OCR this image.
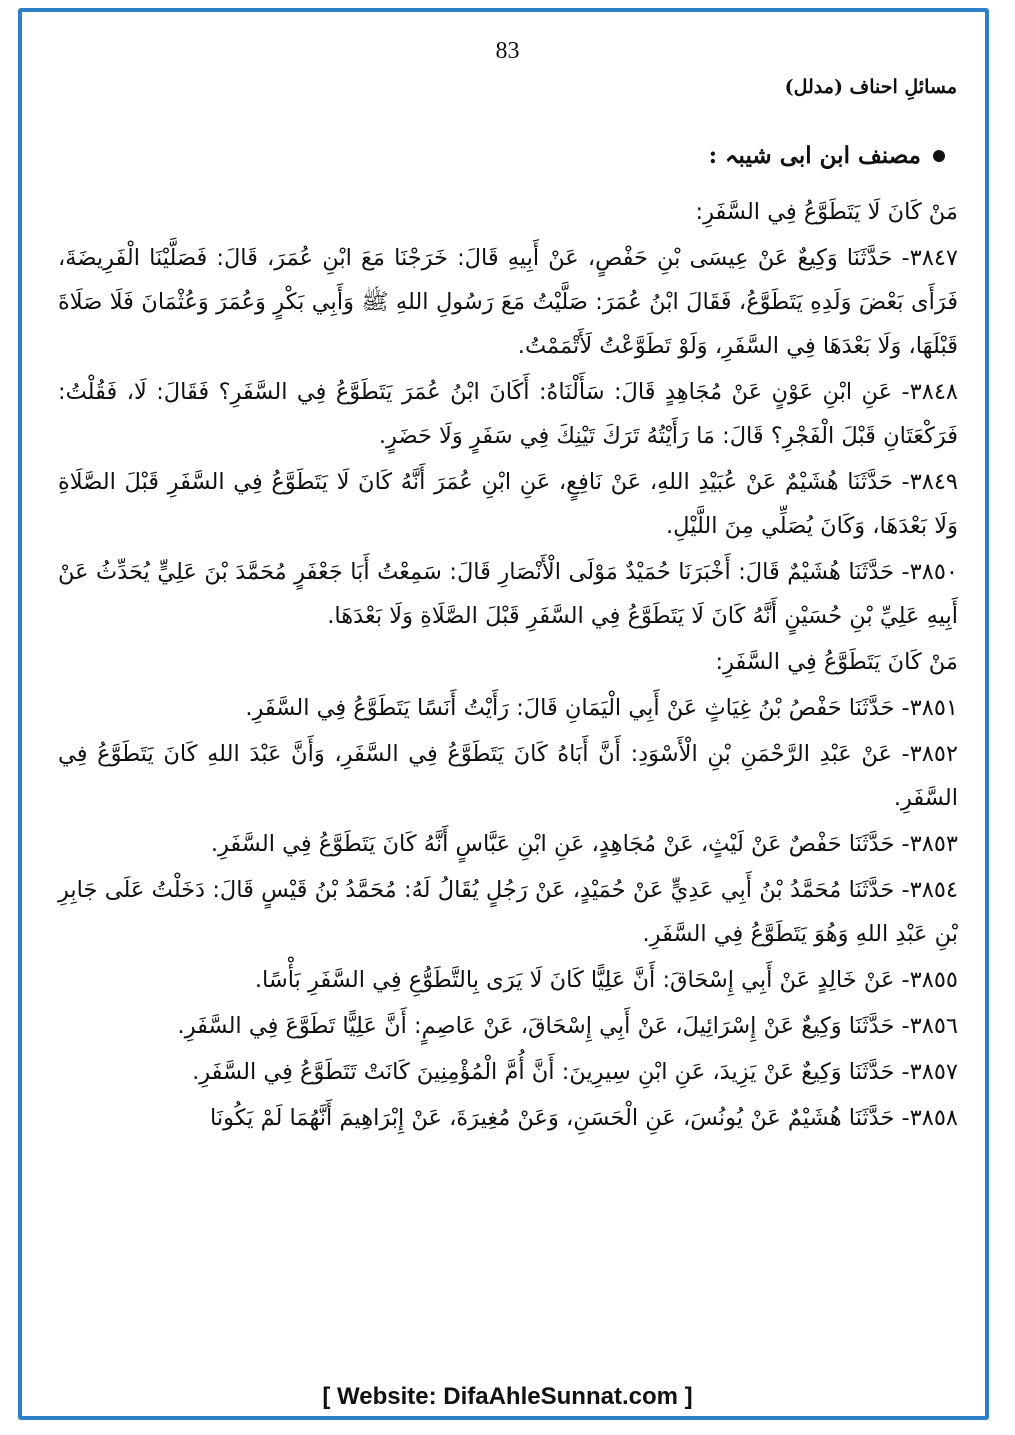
83
مسائلِ احناف (مدلل)
مصنف ابن ابی شیبہ :

مَنْ كَانَ لَا يَتَطَوَّعُ فِي السَّفَرِ:

٣٨٤٧- حَدَّثَنَا وَكِيعٌ عَنْ عِيسَى بْنِ حَفْصٍ، عَنْ أَبِيهِ قَالَ: خَرَجْنَا مَعَ ابْنِ عُمَرَ، قَالَ: فَصَلَّيْنَا الْفَرِيضَةَ، فَرَأَى بَعْضَ وَلَدِهِ يَتَطَوَّعُ، فَقَالَ ابْنُ عُمَرَ: صَلَّيْتُ مَعَ رَسُولِ اللهِ ﷺ وَأَبِي بَكْرٍ وَعُمَرَ وَعُثْمَانَ فَلَا صَلَاةَ قَبْلَهَا، وَلَا بَعْدَهَا فِي السَّفَرِ، وَلَوْ تَطَوَّعْتُ لَأَتْمَمْتُ.

٣٨٤٨- عَنِ ابْنِ عَوْنٍ عَنْ مُجَاهِدٍ قَالَ: سَأَلْنَاهُ: أَكَانَ ابْنُ عُمَرَ يَتَطَوَّعُ فِي السَّفَرِ؟ فَقَالَ: لَا، فَقُلْتُ: فَرَكْعَتَانِ قَبْلَ الْفَجْرِ؟ قَالَ: مَا رَأَيْتُهُ تَرَكَ تَيْنِكَ فِي سَفَرٍ وَلَا حَضَرٍ.

٣٨٤٩- حَدَّثَنَا هُشَيْمٌ عَنْ عُبَيْدِ اللهِ، عَنْ نَافِعٍ، عَنِ ابْنِ عُمَرَ أَنَّهُ كَانَ لَا يَتَطَوَّعُ فِي السَّفَرِ قَبْلَ الصَّلَاةِ وَلَا بَعْدَهَا، وَكَانَ يُصَلِّي مِنَ اللَّيْلِ.

٣٨٥٠- حَدَّثَنَا هُشَيْمٌ قَالَ: أَخْبَرَنَا حُمَيْدٌ مَوْلَى الْأَنْصَارِ قَالَ: سَمِعْتُ أَبَا جَعْفَرٍ مُحَمَّدَ بْنَ عَلِيٍّ يُحَدِّثُ عَنْ أَبِيهِ عَلِيِّ بْنِ حُسَيْنٍ أَنَّهُ كَانَ لَا يَتَطَوَّعُ فِي السَّفَرِ قَبْلَ الصَّلَاةِ وَلَا بَعْدَهَا.

مَنْ كَانَ يَتَطَوَّعُ فِي السَّفَرِ:

٣٨٥١- حَدَّثَنَا حَفْصُ بْنُ غِيَاثٍ عَنْ أَبِي الْيَمَانِ قَالَ: رَأَيْتُ أَنَسًا يَتَطَوَّعُ فِي السَّفَرِ.

٣٨٥٢- عَنْ عَبْدِ الرَّحْمَنِ بْنِ الْأَسْوَدِ: أَنَّ أَبَاهُ كَانَ يَتَطَوَّعُ فِي السَّفَرِ، وَأَنَّ عَبْدَ اللهِ كَانَ يَتَطَوَّعُ فِي السَّفَرِ.

٣٨٥٣- حَدَّثَنَا حَفْصٌ عَنْ لَيْثٍ، عَنْ مُجَاهِدٍ، عَنِ ابْنِ عَبَّاسٍ أَنَّهُ كَانَ يَتَطَوَّعُ فِي السَّفَرِ.

٣٨٥٤- حَدَّثَنَا مُحَمَّدُ بْنُ أَبِي عَدِيٍّ عَنْ حُمَيْدٍ، عَنْ رَجُلٍ يُقَالُ لَهُ: مُحَمَّدُ بْنُ قَيْسٍ قَالَ: دَخَلْتُ عَلَى جَابِرِ بْنِ عَبْدِ اللهِ وَهُوَ يَتَطَوَّعُ فِي السَّفَرِ.

٣٨٥٥- عَنْ خَالِدٍ عَنْ أَبِي إِسْحَاقَ: أَنَّ عَلِيًّا كَانَ لَا يَرَى بِالتَّطَوُّعِ فِي السَّفَرِ بَأْسًا.

٣٨٥٦- حَدَّثَنَا وَكِيعٌ عَنْ إِسْرَائِيلَ، عَنْ أَبِي إِسْحَاقَ، عَنْ عَاصِمٍ: أَنَّ عَلِيًّا تَطَوَّعَ فِي السَّفَرِ.

٣٨٥٧- حَدَّثَنَا وَكِيعٌ عَنْ يَزِيدَ، عَنِ ابْنِ سِيرِينَ: أَنَّ أُمَّ الْمُؤْمِنِينَ كَانَتْ تَتَطَوَّعُ فِي السَّفَرِ.

٣٨٥٨- حَدَّثَنَا هُشَيْمٌ عَنْ يُونُسَ، عَنِ الْحَسَنِ، وَعَنْ مُغِيرَةَ، عَنْ إِبْرَاهِيمَ أَنَّهُمَا لَمْ يَكُونَا

[ Website: DifaAhleSunnat.com ]
